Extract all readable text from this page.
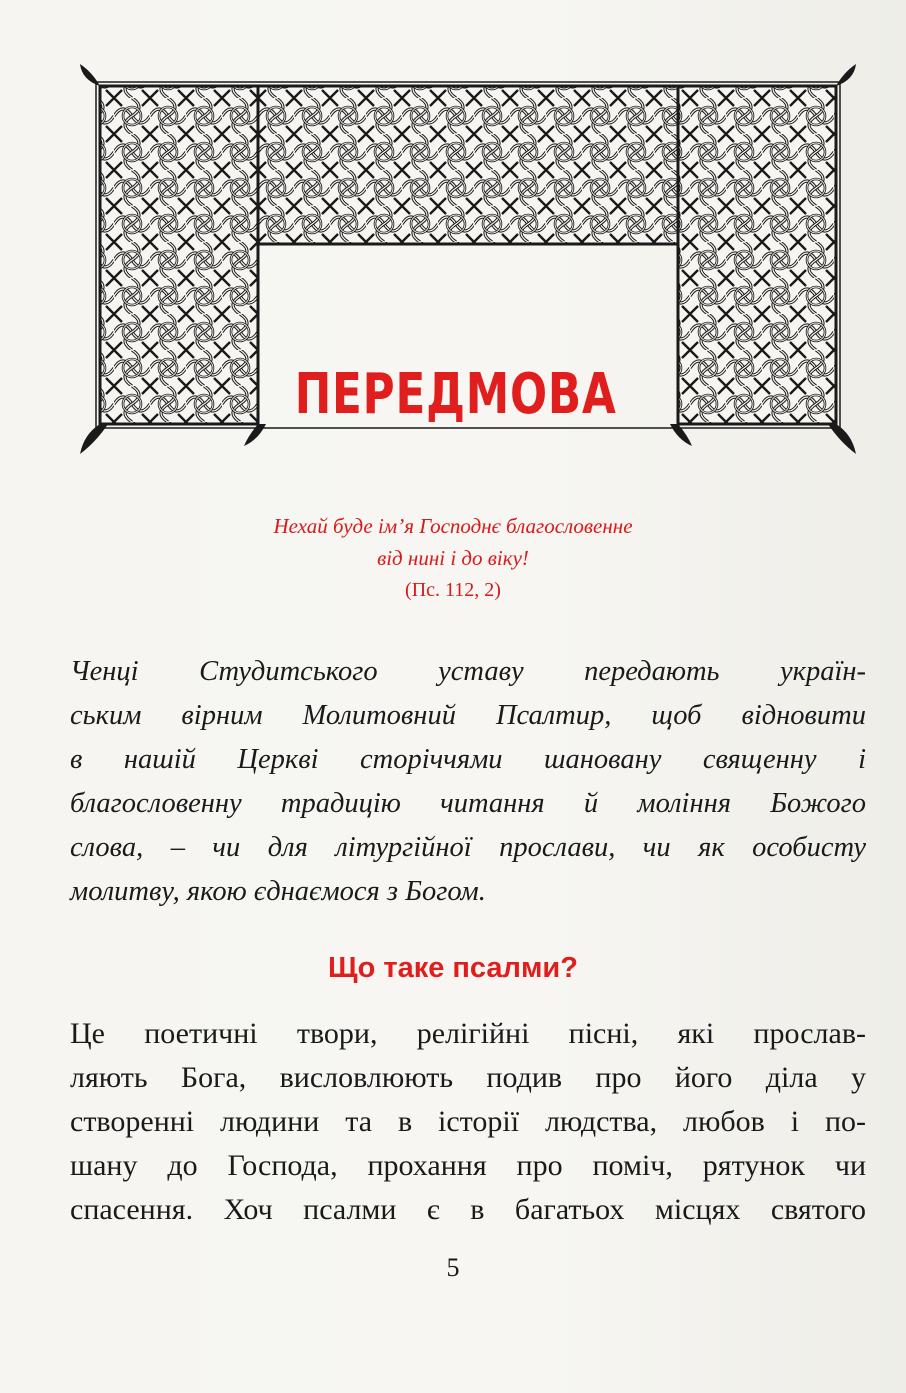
ПЕРЕДМОВА
Нехай буде ім’я Господнє благословенне
від нині і до віку!
(Пс. 112, 2)

Ченці Студитського уставу передають україн-
ським вірним Молитовний Псалтир, щоб відновити
в нашій Церкві сторіччями шановану священну і
благословенну традицію читання й моління Божого
слова, – чи для літургійної прослави, чи як особисту
молитву, якою єднаємося з Богом.

Що таке псалми?
Це поетичні твори, релігійні пісні, які прослав-
ляють Бога, висловлюють подив про його діла у
створенні людини та в історії людства, любов і по-
шану до Господа, прохання про поміч, рятунок чи
спасення. Хоч псалми є в багатьох місцях святого
5
